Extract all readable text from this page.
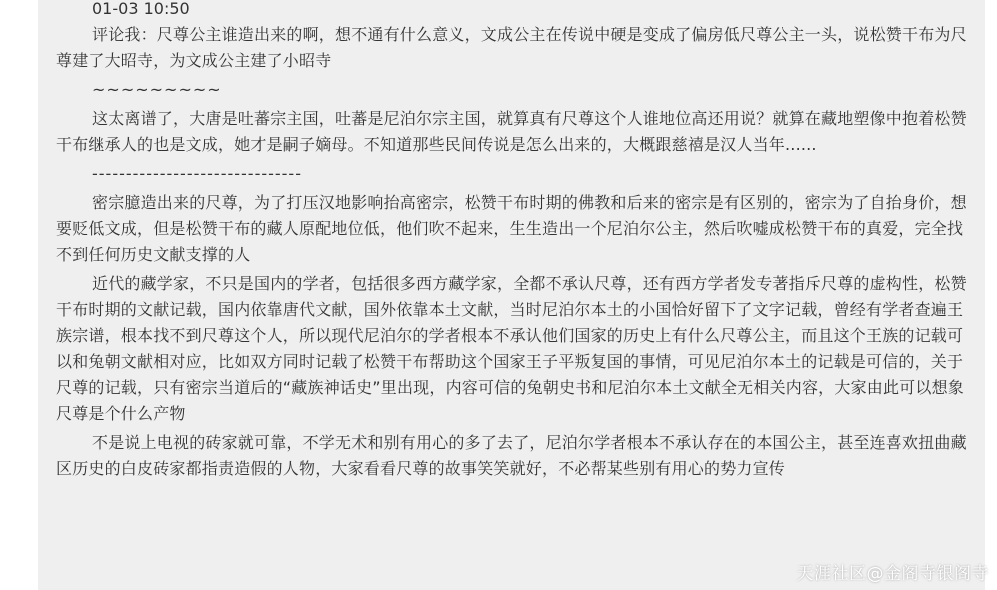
01-03 10:50

评论我：尺尊公主谁造出来的啊，想不通有什么意义，文成公主在传说中硬是变成了偏房低尺尊公主一头，说松赞干布为尺尊建了大昭寺，为文成公主建了小昭寺

~~~~~~~~~

这太离谱了，大唐是吐蕃宗主国，吐蕃是尼泊尔宗主国，就算真有尺尊这个人谁地位高还用说？就算在藏地塑像中抱着松赞干布继承人的也是文成，她才是嗣子嫡母。不知道那些民间传说是怎么出来的，大概跟慈禧是汉人当年......

-------------------------------

密宗臆造出来的尺尊，为了打压汉地影响抬高密宗，松赞干布时期的佛教和后来的密宗是有区别的，密宗为了自抬身价，想要贬低文成，但是松赞干布的藏人原配地位低，他们吹不起来，生生造出一个尼泊尔公主，然后吹嘘成松赞干布的真爱，完全找不到任何历史文献支撑的人

近代的藏学家，不只是国内的学者，包括很多西方藏学家，全都不承认尺尊，还有西方学者发专著指斥尺尊的虚构性，松赞干布时期的文献记载，国内依靠唐代文献，国外依靠本土文献，当时尼泊尔本土的小国恰好留下了文字记载，曾经有学者查遍王族宗谱，根本找不到尺尊这个人，所以现代尼泊尔的学者根本不承认他们国家的历史上有什么尺尊公主，而且这个王族的记载可以和兔朝文献相对应，比如双方同时记载了松赞干布帮助这个国家王子平叛复国的事情，可见尼泊尔本土的记载是可信的，关于尺尊的记载，只有密宗当道后的“藏族神话史”里出现，内容可信的兔朝史书和尼泊尔本土文献全无相关内容，大家由此可以想象尺尊是个什么产物

不是说上电视的砖家就可靠，不学无术和别有用心的多了去了，尼泊尔学者根本不承认存在的本国公主，甚至连喜欢扭曲藏区历史的白皮砖家都指责造假的人物，大家看看尺尊的故事笑笑就好，不必帮某些别有用心的势力宣传

天涯社区@金阁寺银阁寺
